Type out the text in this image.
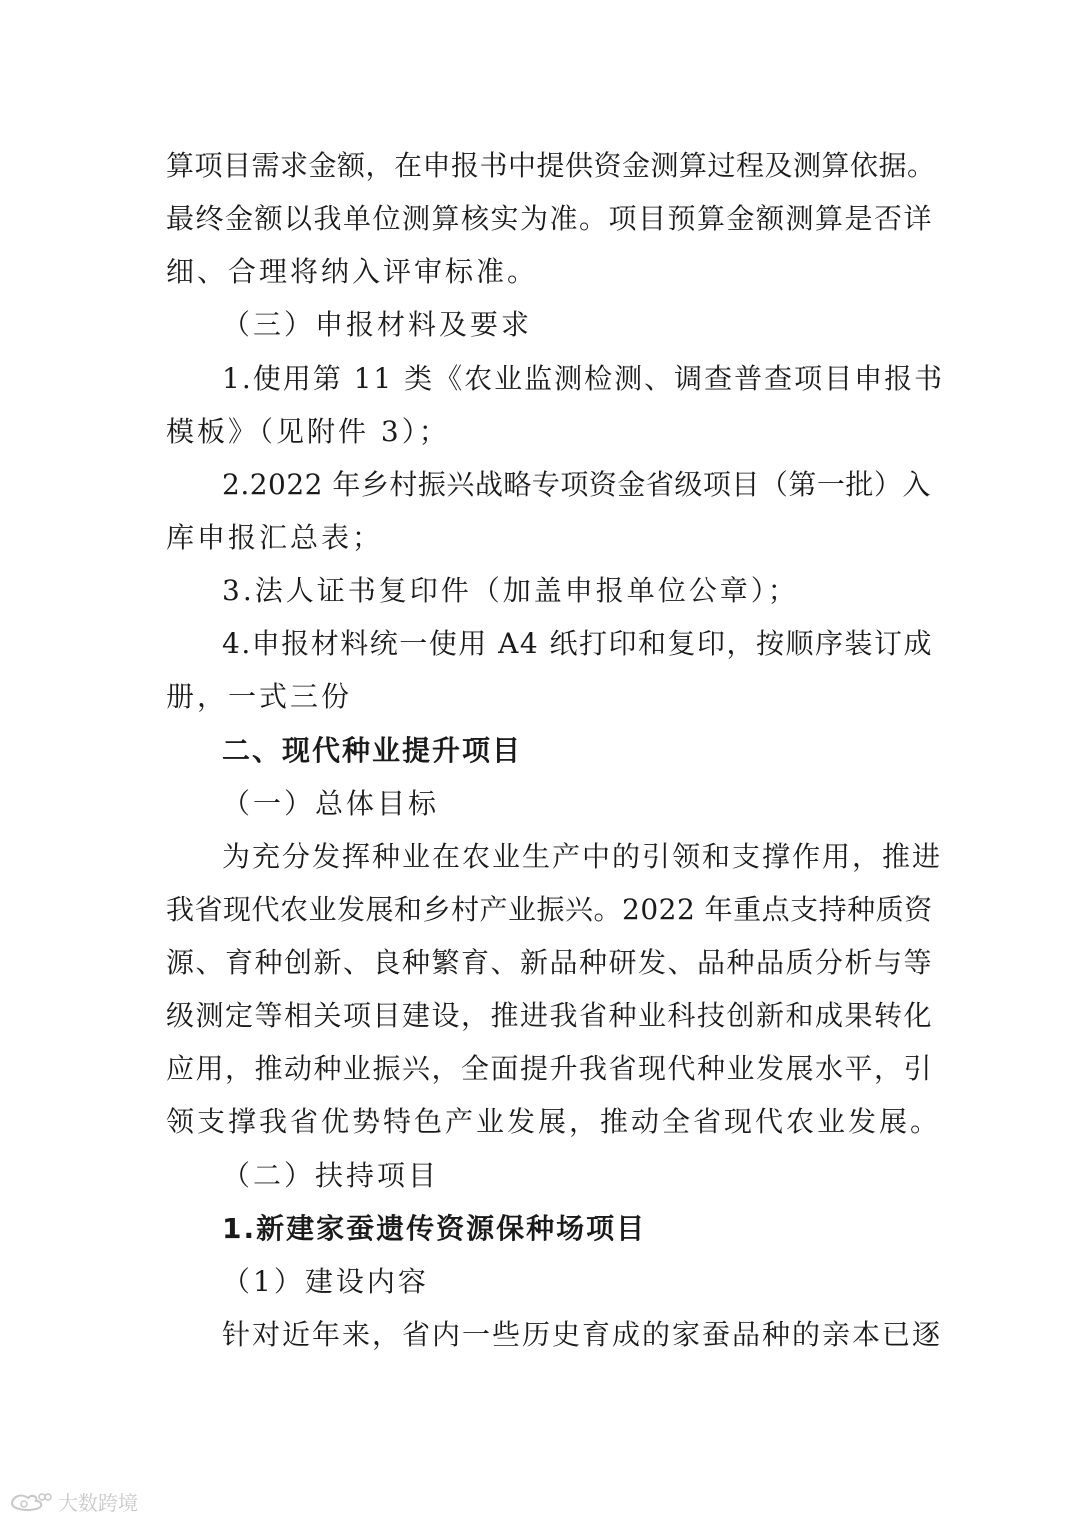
算项目需求金额，在申报书中提供资金测算过程及测算依据。
最终金额以我单位测算核实为准。项目预算金额测算是否详
细、合理将纳入评审标准。
（三）申报材料及要求
1.使用第 11 类《农业监测检测、调查普查项目申报书
模板》（见附件 3）；
2.2022 年乡村振兴战略专项资金省级项目（第一批）入
库申报汇总表；
3.法人证书复印件（加盖申报单位公章）；
4.申报材料统一使用 A4 纸打印和复印，按顺序装订成
册，一式三份
二、现代种业提升项目
（一）总体目标
为充分发挥种业在农业生产中的引领和支撑作用，推进
我省现代农业发展和乡村产业振兴。2022 年重点支持种质资
源、育种创新、良种繁育、新品种研发、品种品质分析与等
级测定等相关项目建设，推进我省种业科技创新和成果转化
应用，推动种业振兴，全面提升我省现代种业发展水平，引
领支撑我省优势特色产业发展，推动全省现代农业发展。
（二）扶持项目
1.新建家蚕遗传资源保种场项目
（1）建设内容
针对近年来，省内一些历史育成的家蚕品种的亲本已逐
大数跨境
